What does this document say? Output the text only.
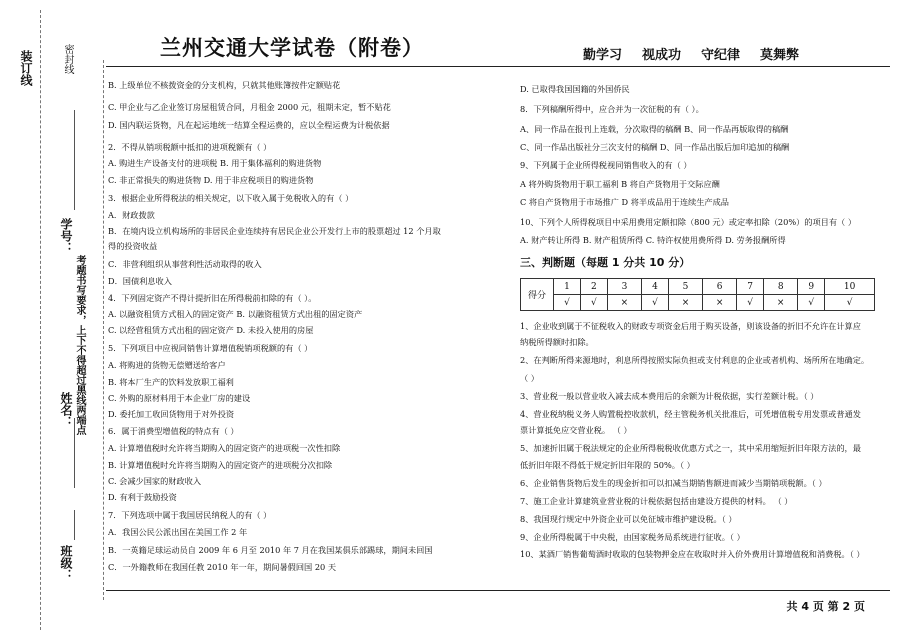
装订线	密封线
学号：
考题书写要求，上下不得超过黑线两端点
姓名：
班级：
兰州交通大学试卷（附卷）	勤学习 视成功 守纪律 莫舞弊
B. 上级单位不核拨资金的分支机构，只就其他账簿按件定额贴花
C. 甲企业与乙企业签订房屋租赁合同，月租金 2000 元，租期未定，暂不贴花
D. 国内联运货物，凡在起运地统一结算全程运费的，应以全程运费为计税依据
2．不得从销项税额中抵扣的进项税额有（ ）
A. 购进生产设备支付的进项税 B. 用于集体福利的购进货物
C. 非正常损失的购进货物 D. 用于非应税项目的购进货物
3．根据企业所得税法的相关规定，以下收入属于免税收入的有（ ）
A．财政拨款
B．在境内设立机构场所的非居民企业连续持有居民企业公开发行上市的股票超过 12 个月取
得的投资收益
C．非营利组织从事营利性活动取得的收入
D．国债利息收入
4．下列固定资产不得计提折旧在所得税前扣除的有（ ）。
A. 以融资租赁方式租入的固定资产 B. 以融资租赁方式出租的固定资产
C. 以经营租赁方式出租的固定资产 D. 未投入使用的房屋
5．下列项目中应视同销售计算增值税销项税额的有（ ）
A. 将购进的货物无偿赠送给客户
B. 将本厂生产的饮料发放职工福利
C. 外购的原材料用于本企业厂房的建设
D. 委托加工收回货物用于对外投资
6．属于消费型增值税的特点有（ ）
A. 计算增值税时允许将当期购入的固定资产的进项税一次性扣除
B. 计算增值税时允许将当期购入的固定资产的进项税分次扣除
C. 会减少国家的财政收入
D. 有利于鼓励投资
7．下列选项中属于我国居民纳税人的有（ ）
A．我国公民公派出国在美国工作 2 年
B．一英籍足球运动员自 2009 年 6 月至 2010 年 7 月在我国某俱乐部踢球，期间未回国
C．一外籍教师在我国任教 2010 年一年，期间暑假回国 20 天
D. 已取得我国国籍的外国侨民
8．下列稿酬所得中，应合并为一次征税的有（ ）。
A、同一作品在报刊上连载，分次取得的稿酬 B、同一作品再版取得的稿酬
C、同一作品出版社分三次支付的稿酬 D、同一作品出版后加印追加的稿酬
9、下列属于企业所得税视同销售收入的有（ ）
A 将外购货物用于职工福利 B 将自产货物用于交际应酬
C 将自产货物用于市场推广 D 将半成品用于连续生产成品
10、下列个人所得税项目中采用费用定额扣除（800 元）或定率扣除（20%）的项目有（ ）
A. 财产转让所得 B. 财产租赁所得 C. 特许权使用费所得 D. 劳务报酬所得
三、判断题（每题 1 分共 10 分）
得分	1	2	3	4	5	6	7	8	9	10
	√	√	×	√	×	×	√	×	√	√
1、企业收到属于不征税收入的财政专项资金后用于购买设备，则该设备的折旧不允许在计算应
纳税所得额时扣除。
2、在判断所得来源地时，利息所得按照实际负担或支付利息的企业或者机构、场所所在地确定。
（ ）
3、营业税一般以营业收入减去成本费用后的余额为计税依据，实行差额计税。（ ）
4、营业税纳税义务人购置税控收款机，经主管税务机关批准后，可凭增值税专用发票或普通发
票计算抵免应交营业税。 （ ）
5、加速折旧属于税法规定的企业所得税税收优惠方式之一，其中采用缩短折旧年限方法的，最
低折旧年限不得低于规定折旧年限的 50%。（ ）
6、企业销售货物后发生的现金折扣可以扣减当期销售额进而减少当期销项税额。（ ）
7、施工企业计算建筑业营业税的计税依据包括由建设方提供的材料。 （ ）
8、我国现行规定中外资企业可以免征城市维护建设税。（ ）
9、企业所得税属于中央税，由国家税务局系统进行征收。（ ）
10、某酒厂销售葡萄酒时收取的包装物押金应在收取时并入价外费用计算增值税和消费税。（ ）
共 4 页 第 2 页
